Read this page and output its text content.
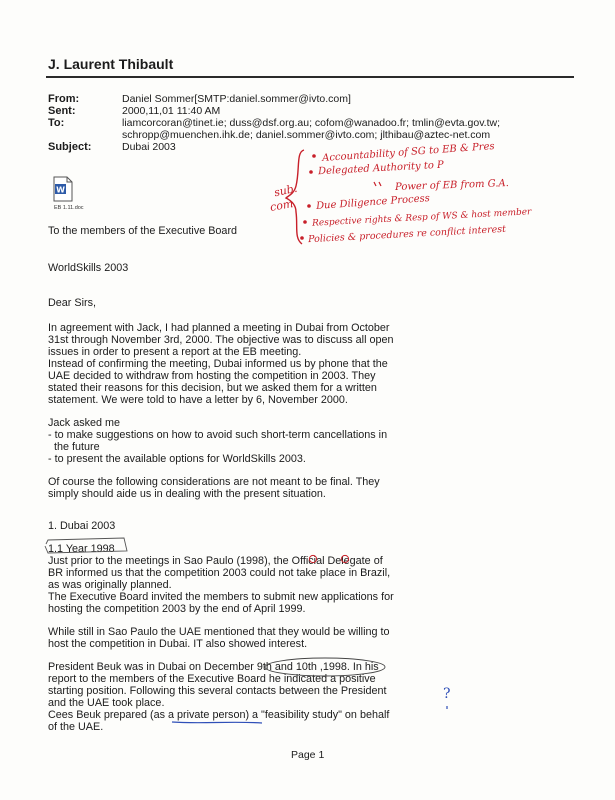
J. Laurent Thibault
From:	Daniel Sommer[SMTP:daniel.sommer@ivto.com]
Sent:	2000,11,01 11:40 AM
To:	liamcorcoran@tinet.ie; duss@dsf.org.au; cofom@wanadoo.fr; tmlin@evta.gov.tw;
schropp@muenchen.ihk.de; daniel.sommer@ivto.com; jlthibau@aztec-net.com
Subject:	Dubai 2003
W
EB 1.11.doc
To the members of the Executive Board
WorldSkills 2003
Dear Sirs,
In agreement with Jack, I had planned a meeting in Dubai from October
31st through November 3rd, 2000. The objective was to discuss all open
issues in order to present a report at the EB meeting.
Instead of confirming the meeting, Dubai informed us by phone that the
UAE decided to withdraw from hosting the competition in 2003. They
stated their reasons for this decision, but we asked them for a written
statement. We were told to have a letter by 6, November 2000.
Jack asked me
- to make suggestions on how to avoid such short-term cancellations in
the future
- to present the available options for WorldSkills 2003.
Of course the following considerations are not meant to be final. They
simply should aide us in dealing with the present situation.
1. Dubai 2003
1.1 Year 1998
Just prior to the meetings in Sao Paulo (1998), the Official Delegate of
BR informed us that the competition 2003 could not take place in Brazil,
as was originally planned.
The Executive Board invited the members to submit new applications for
hosting the competition 2003 by the end of April 1999.
While still in Sao Paulo the UAE mentioned that they would be willing to
host the competition in Dubai. IT also showed interest.
President Beuk was in Dubai on December 9th and 10th ,1998. In his
report to the members of the Executive Board he indicated a positive
starting position. Following this several contacts between the President
and the UAE took place.
Cees Beuk prepared (as a private person) a "feasibility study" on behalf
of the UAE.
Page 1
sub.
com
Accountability of SG to EB & Pres
Delegated Authority to P
Power of EB from G.A.
Due Diligence Process
Respective rights & Resp of WS & host member
Policies & procedures re conflict interest
?
